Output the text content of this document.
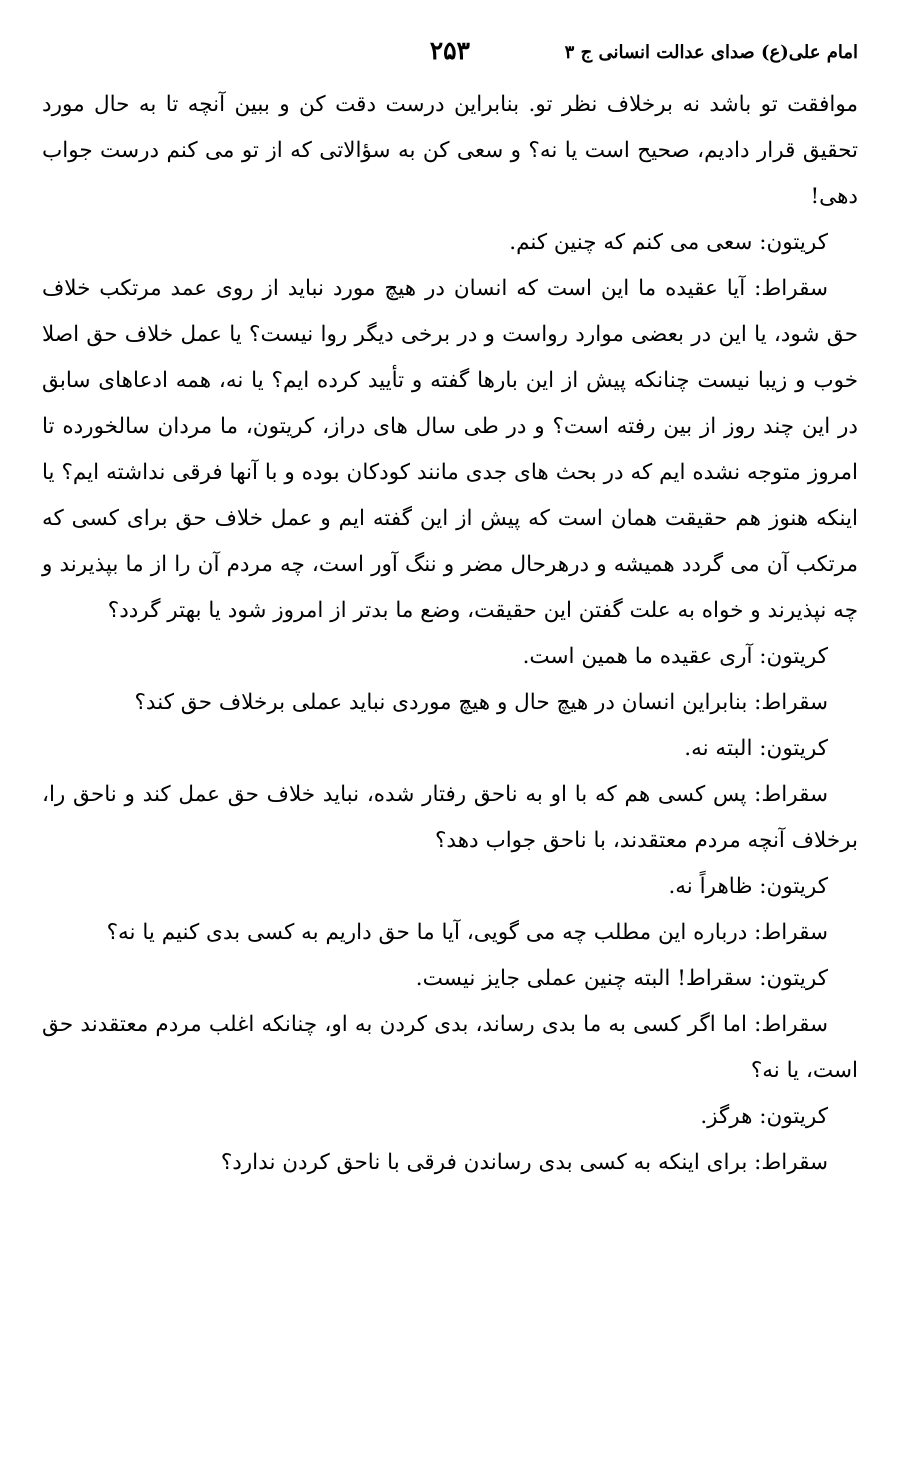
امام علی(ع) صدای عدالت انسانی ج ۳
۲۵۳

موافقت تو باشد نه برخلاف نظر تو. بنابراین درست دقت کن و ببین آنچه تا به حال مورد تحقیق قرار دادیم، صحیح است یا نه؟ و سعی کن به سؤالاتی که از تو می کنم درست جواب دهی!

کریتون: سعی می کنم که چنین کنم.

سقراط: آیا عقیده ما این است که انسان در هیچ مورد نباید از روی عمد مرتکب خلاف حق شود، یا این در بعضی موارد رواست و در برخی دیگر روا نیست؟ یا عمل خلاف حق اصلا خوب و زیبا نیست چنانکه پیش از این بارها گفته و تأیید کرده ایم؟ یا نه، همه ادعاهای سابق در این چند روز از بین رفته است؟ و در طی سال های دراز، کریتون، ما مردان سالخورده تا امروز متوجه نشده ایم که در بحث های جدی مانند کودکان بوده و با آنها فرقی نداشته ایم؟ یا اینکه هنوز هم حقیقت همان است که پیش از این گفته ایم و عمل خلاف حق برای کسی که مرتکب آن می گردد همیشه و درهرحال مضر و ننگ آور است، چه مردم آن را از ما بپذیرند و چه نپذیرند و خواه به علت گفتن این حقیقت، وضع ما بدتر از امروز شود یا بهتر گردد؟

کریتون: آری عقیده ما همین است.

سقراط: بنابراین انسان در هیچ حال و هیچ موردی نباید عملی برخلاف حق کند؟

کریتون: البته نه.

سقراط: پس کسی هم که با او به ناحق رفتار شده، نباید خلاف حق عمل کند و ناحق را، برخلاف آنچه مردم معتقدند، با ناحق جواب دهد؟

کریتون: ظاهراً نه.

سقراط: درباره این مطلب چه می گویی، آیا ما حق داریم به کسی بدی کنیم یا نه؟

کریتون: سقراط! البته چنین عملی جایز نیست.

سقراط: اما اگر کسی به ما بدی رساند، بدی کردن به او، چنانکه اغلب مردم معتقدند حق است، یا نه؟

کریتون: هرگز.

سقراط: برای اینکه به کسی بدی رساندن فرقی با ناحق کردن ندارد؟
